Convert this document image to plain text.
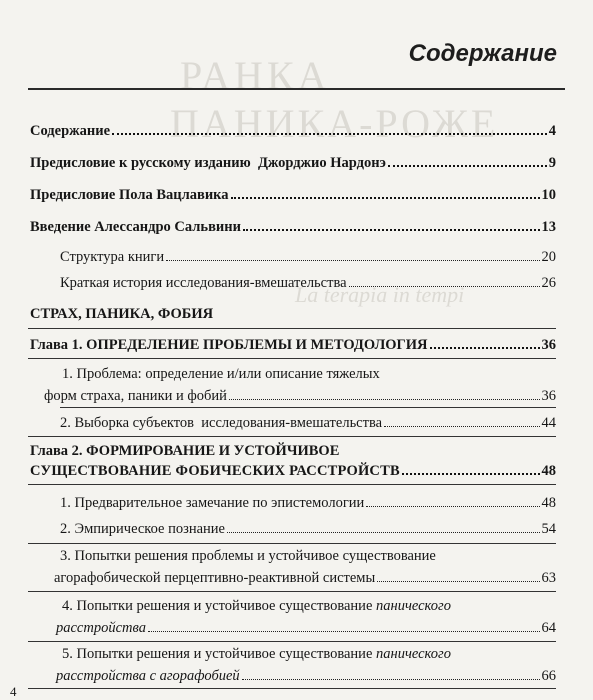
РАНКА
ПАНИКА-РОЖЕ
La terapia in tempi
Содержание
Содержание	4
Предисловие к русскому изданию  Джорджио Нардонэ	9
Предисловие Пола Вацлавика	10
Введение Алессандро Сальвини	13
Структура книги	20
Краткая история исследования-вмешательства	26
СТРАХ, ПАНИКА, ФОБИЯ
Глава 1. ОПРЕДЕЛЕНИЕ ПРОБЛЕМЫ И МЕТОДОЛОГИЯ	36
1. Проблема: определение и/или описание тяжелых
форм страха, паники и фобий	36
2. Выборка субъектов  исследования-вмешательства	44
Глава 2. ФОРМИРОВАНИЕ И УСТОЙЧИВОЕ
СУЩЕСТВОВАНИЕ ФОБИЧЕСКИХ РАССТРОЙСТВ	48
1. Предварительное замечание по эпистемологии	48
2. Эмпирическое познание	54
3. Попытки решения проблемы и устойчивое существование
агорафобической перцептивно-реактивной системы	63
4. Попытки решения и устойчивое существование панического
расстройства	64
5. Попытки решения и устойчивое существование панического
расстройства с агорафобией	66
4
